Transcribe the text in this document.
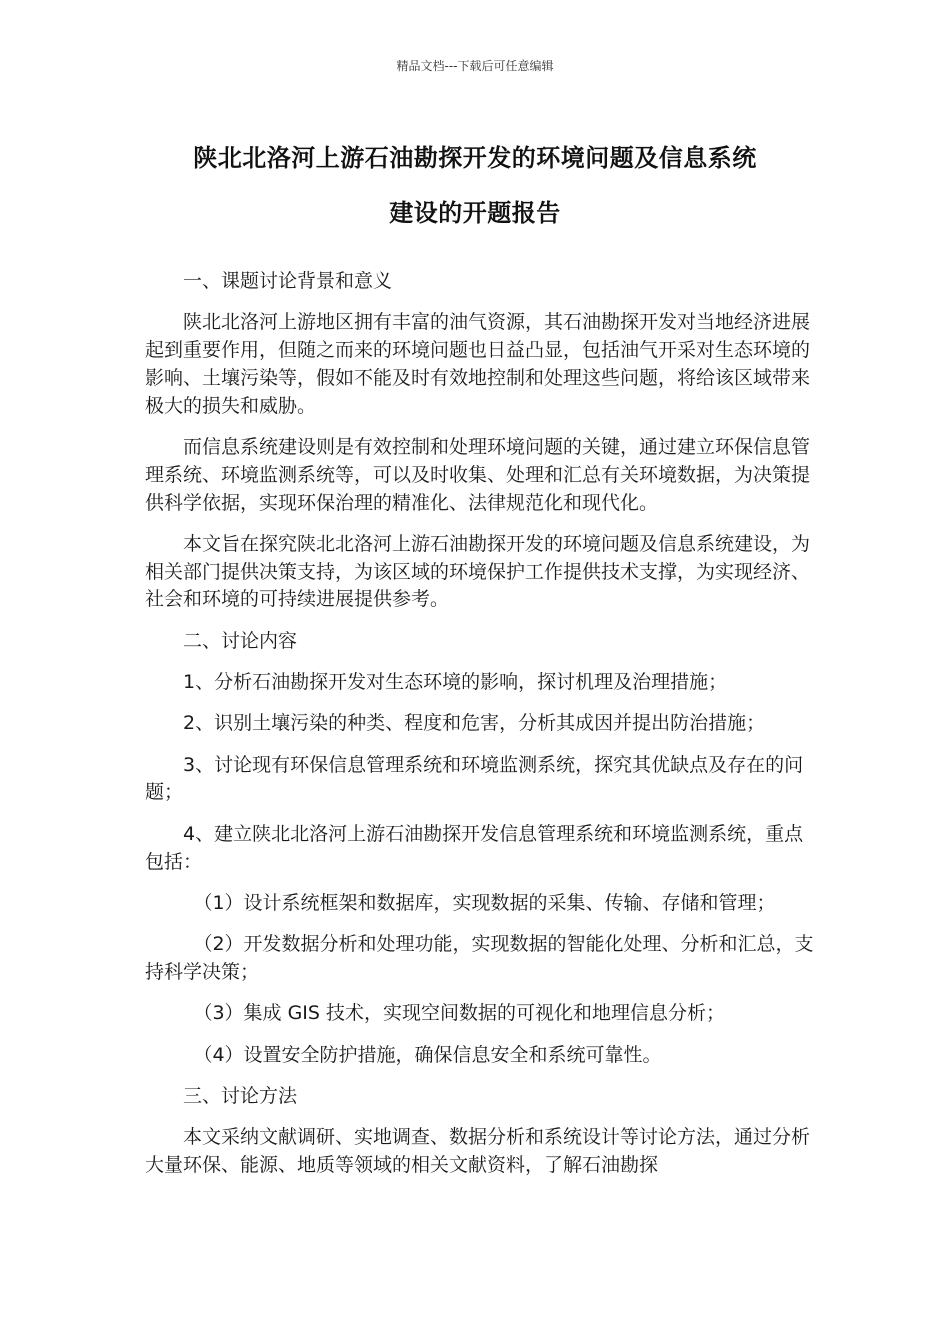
精品文档---下载后可任意编辑
陕北北洛河上游石油勘探开发的环境问题及信息系统
建设的开题报告

一、课题讨论背景和意义

陕北北洛河上游地区拥有丰富的油气资源，其石油勘探开发对当地经济进展起到重要作用，但随之而来的环境问题也日益凸显，包括油气开采对生态环境的影响、土壤污染等，假如不能及时有效地控制和处理这些问题，将给该区域带来极大的损失和威胁。

而信息系统建设则是有效控制和处理环境问题的关键，通过建立环保信息管理系统、环境监测系统等，可以及时收集、处理和汇总有关环境数据，为决策提供科学依据，实现环保治理的精准化、法律规范化和现代化。

本文旨在探究陕北北洛河上游石油勘探开发的环境问题及信息系统建设，为相关部门提供决策支持，为该区域的环境保护工作提供技术支撑，为实现经济、社会和环境的可持续进展提供参考。

二、讨论内容

1、分析石油勘探开发对生态环境的影响，探讨机理及治理措施；

2、识别土壤污染的种类、程度和危害，分析其成因并提出防治措施；

3、讨论现有环保信息管理系统和环境监测系统，探究其优缺点及存在的问题；

4、建立陕北北洛河上游石油勘探开发信息管理系统和环境监测系统，重点包括：

（1）设计系统框架和数据库，实现数据的采集、传输、存储和管理；

（2）开发数据分析和处理功能，实现数据的智能化处理、分析和汇总，支持科学决策；

（3）集成 GIS 技术，实现空间数据的可视化和地理信息分析；

（4）设置安全防护措施，确保信息安全和系统可靠性。

三、讨论方法

本文采纳文献调研、实地调查、数据分析和系统设计等讨论方法，通过分析大量环保、能源、地质等领域的相关文献资料，了解石油勘探
